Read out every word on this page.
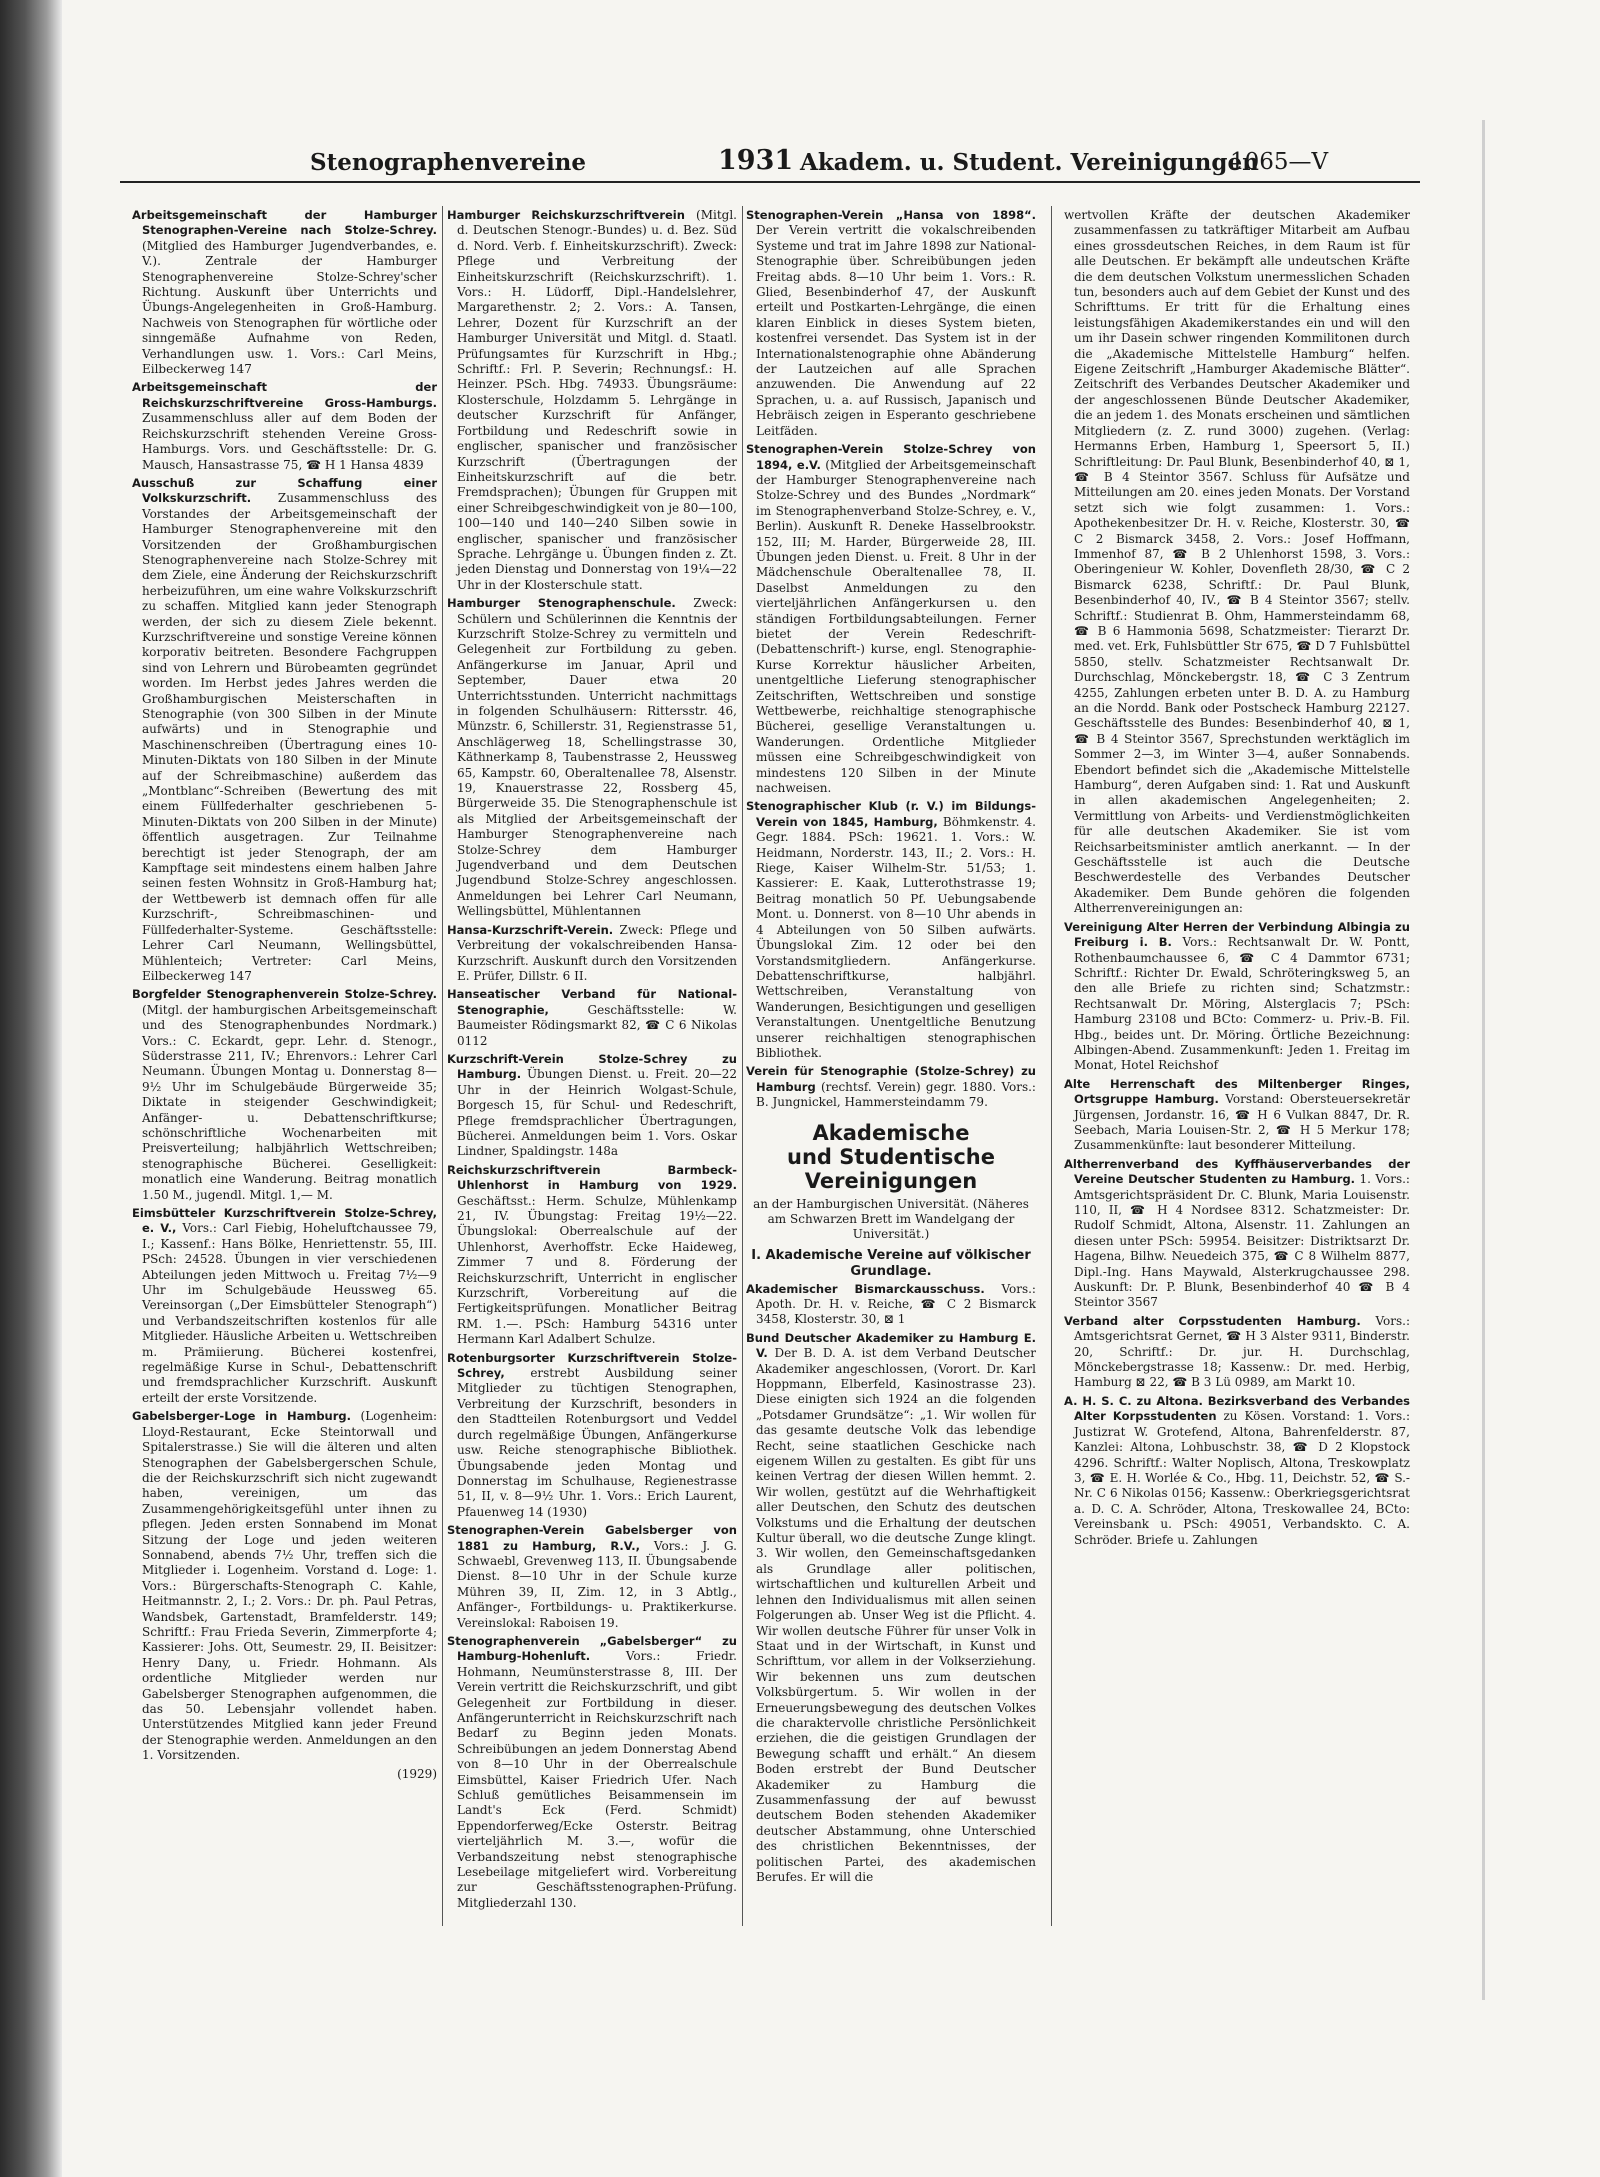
Stenographenvereine	1931 Akadem. u. Student. Vereinigungen
1065—V

Arbeitsgemeinschaft der Hamburger Stenographen-Vereine nach Stolze-Schrey. (Mitglied des Hamburger Jugendverbandes, e. V.). Zentrale der Hamburger Stenographenvereine Stolze-Schrey'scher Richtung. Auskunft über Unterrichts und Übungs-Angelegenheiten in Groß-Hamburg. Nachweis von Stenographen für wörtliche oder sinngemäße Aufnahme von Reden, Verhandlungen usw. 1. Vors.: Carl Meins, Eilbeckerweg 147

Arbeitsgemeinschaft der Reichskurzschriftvereine Gross-Hamburgs. Zusammenschluss aller auf dem Boden der Reichskurzschrift stehenden Vereine Gross-Hamburgs. Vors. und Geschäftsstelle: Dr. G. Mausch, Hansastrasse 75, ☎ H 1 Hansa 4839

Ausschuß zur Schaffung einer Volkskurzschrift. Zusammenschluss des Vorstandes der Arbeitsgemeinschaft der Hamburger Stenographenvereine mit den Vorsitzenden der Großhamburgischen Stenographenvereine nach Stolze-Schrey mit dem Ziele, eine Änderung der Reichskurzschrift herbeizuführen, um eine wahre Volkskurzschrift zu schaffen. Mitglied kann jeder Stenograph werden, der sich zu diesem Ziele bekennt. Kurzschriftvereine und sonstige Vereine können korporativ beitreten. Besondere Fachgruppen sind von Lehrern und Bürobeamten gegründet worden. Im Herbst jedes Jahres werden die Großhamburgischen Meisterschaften in Stenographie (von 300 Silben in der Minute aufwärts) und in Stenographie und Maschinenschreiben (Übertragung eines 10-Minuten-Diktats von 180 Silben in der Minute auf der Schreibmaschine) außerdem das „Montblanc“-Schreiben (Bewertung des mit einem Füllfederhalter geschriebenen 5-Minuten-Diktats von 200 Silben in der Minute) öffentlich ausgetragen. Zur Teilnahme berechtigt ist jeder Stenograph, der am Kampftage seit mindestens einem halben Jahre seinen festen Wohnsitz in Groß-Hamburg hat; der Wettbewerb ist demnach offen für alle Kurzschrift-, Schreibmaschinen- und Füllfederhalter-Systeme. Geschäftsstelle: Lehrer Carl Neumann, Wellingsbüttel, Mühlenteich; Vertreter: Carl Meins, Eilbeckerweg 147

Borgfelder Stenographenverein Stolze-Schrey. (Mitgl. der hamburgischen Arbeitsgemeinschaft und des Stenographenbundes Nordmark.) Vors.: C. Eckardt, gepr. Lehr. d. Stenogr., Süderstrasse 211, IV.; Ehrenvors.: Lehrer Carl Neumann. Übungen Montag u. Donnerstag 8—9½ Uhr im Schulgebäude Bürgerweide 35; Diktate in steigender Geschwindigkeit; Anfänger- u. Debattenschriftkurse; schönschriftliche Wochenarbeiten mit Preisverteilung; halbjährlich Wettschreiben; stenographische Bücherei. Geselligkeit: monatlich eine Wanderung. Beitrag monatlich 1.50 M., jugendl. Mitgl. 1,— M.

Eimsbütteler Kurzschriftverein Stolze-Schrey, e. V., Vors.: Carl Fiebig, Hoheluftchaussee 79, I.; Kassenf.: Hans Bölke, Henriettenstr. 55, III. PSch: 24528. Übungen in vier verschiedenen Abteilungen jeden Mittwoch u. Freitag 7½—9 Uhr im Schulgebäude Heussweg 65. Vereinsorgan („Der Eimsbütteler Stenograph“) und Verbandszeitschriften kostenlos für alle Mitglieder. Häusliche Arbeiten u. Wettschreiben m. Prämiierung. Bücherei kostenfrei, regelmäßige Kurse in Schul-, Debattenschrift und fremdsprachlicher Kurzschrift. Auskunft erteilt der erste Vorsitzende.

Gabelsberger-Loge in Hamburg. (Logenheim: Lloyd-Restaurant, Ecke Steintorwall und Spitalerstrasse.) Sie will die älteren und alten Stenographen der Gabelsbergerschen Schule, die der Reichskurzschrift sich nicht zugewandt haben, vereinigen, um das Zusammengehörigkeitsgefühl unter ihnen zu pflegen. Jeden ersten Sonnabend im Monat Sitzung der Loge und jeden weiteren Sonnabend, abends 7½ Uhr, treffen sich die Mitglieder i. Logenheim. Vorstand d. Loge: 1. Vors.: Bürgerschafts-Stenograph C. Kahle, Heitmannstr. 2, I.; 2. Vors.: Dr. ph. Paul Petras, Wandsbek, Gartenstadt, Bramfelderstr. 149; Schriftf.: Frau Frieda Severin, Zimmerpforte 4; Kassierer: Johs. Ott, Seumestr. 29, II. Beisitzer: Henry Dany, u. Friedr. Hohmann. Als ordentliche Mitglieder werden nur Gabelsberger Stenographen aufgenommen, die das 50. Lebensjahr vollendet haben. Unterstützendes Mitglied kann jeder Freund der Stenographie werden. Anmeldungen an den 1. Vorsitzenden.

(1929)

Hamburger Reichskurzschriftverein (Mitgl. d. Deutschen Stenogr.-Bundes) u. d. Bez. Süd d. Nord. Verb. f. Einheitskurzschrift). Zweck: Pflege und Verbreitung der Einheitskurzschrift (Reichskurzschrift). 1. Vors.: H. Lüdorff, Dipl.-Handelslehrer, Margarethenstr. 2; 2. Vors.: A. Tansen, Lehrer, Dozent für Kurzschrift an der Hamburger Universität und Mitgl. d. Staatl. Prüfungsamtes für Kurzschrift in Hbg.; Schriftf.: Frl. P. Severin; Rechnungsf.: H. Heinzer. PSch. Hbg. 74933. Übungsräume: Klosterschule, Holzdamm 5. Lehrgänge in deutscher Kurzschrift für Anfänger, Fortbildung und Redeschrift sowie in englischer, spanischer und französischer Kurzschrift (Übertragungen der Einheitskurzschrift auf die betr. Fremdsprachen); Übungen für Gruppen mit einer Schreibgeschwindigkeit von je 80—100, 100—140 und 140—240 Silben sowie in englischer, spanischer und französischer Sprache. Lehrgänge u. Übungen finden z. Zt. jeden Dienstag und Donnerstag von 19¼—22 Uhr in der Klosterschule statt.

Hamburger Stenographenschule. Zweck: Schülern und Schülerinnen die Kenntnis der Kurzschrift Stolze-Schrey zu vermitteln und Gelegenheit zur Fortbildung zu geben. Anfängerkurse im Januar, April und September, Dauer etwa 20 Unterrichtsstunden. Unterricht nachmittags in folgenden Schulhäusern: Rittersstr. 46, Münzstr. 6, Schillerstr. 31, Regienstrasse 51, Anschlägerweg 18, Schellingstrasse 30, Käthnerkamp 8, Taubenstrasse 2, Heussweg 65, Kampstr. 60, Oberaltenallee 78, Alsenstr. 19, Knauerstrasse 22, Rossberg 45, Bürgerweide 35. Die Stenographenschule ist als Mitglied der Arbeitsgemeinschaft der Hamburger Stenographenvereine nach Stolze-Schrey dem Hamburger Jugendverband und dem Deutschen Jugendbund Stolze-Schrey angeschlossen. Anmeldungen bei Lehrer Carl Neumann, Wellingsbüttel, Mühlentannen

Hansa-Kurzschrift-Verein. Zweck: Pflege und Verbreitung der vokalschreibenden Hansa-Kurzschrift. Auskunft durch den Vorsitzenden E. Prüfer, Dillstr. 6 II.

Hanseatischer Verband für National-Stenographie,	Geschäftsstelle: W. Baumeister Rödingsmarkt 82, ☎ C 6 Nikolas 0112

Kurzschrift-Verein Stolze-Schrey zu Hamburg. Übungen Dienst. u. Freit. 20—22 Uhr in der Heinrich Wolgast-Schule, Borgesch 15, für Schul- und Redeschrift, Pflege fremdsprachlicher Übertragungen, Bücherei. Anmeldungen beim 1. Vors. Oskar Lindner, Spaldingstr. 148a

Reichskurzschriftverein Barmbeck-Uhlenhorst in Hamburg von 1929. Geschäftsst.: Herm. Schulze, Mühlenkamp 21, IV. Übungstag: Freitag 19½—22. Übungslokal: Oberrealschule auf der Uhlenhorst, Averhoffstr. Ecke Haideweg, Zimmer 7 und 8. Förderung der Reichskurzschrift, Unterricht in englischer Kurzschrift, Vorbereitung auf die Fertigkeitsprüfungen. Monatlicher Beitrag RM. 1.—. PSch: Hamburg 54316 unter Hermann Karl Adalbert Schulze.

Rotenburgsorter Kurzschriftverein Stolze-Schrey, erstrebt Ausbildung seiner Mitglieder zu tüchtigen Stenographen, Verbreitung der Kurzschrift, besonders in den Stadtteilen Rotenburgsort und Veddel durch regelmäßige Übungen, Anfängerkurse usw. Reiche stenographische Bibliothek. Übungsabende jeden Montag und Donnerstag im Schulhause, Regienestrasse 51, II, v. 8—9½ Uhr. 1. Vors.: Erich Laurent, Pfauenweg 14 (1930)

Stenographen-Verein Gabelsberger von 1881 zu Hamburg, R.V., Vors.: J. G. Schwaebl, Grevenweg 113, II. Übungsabende Dienst. 8—10 Uhr in der Schule kurze Mühren 39, II, Zim. 12, in 3 Abtlg., Anfänger-, Fortbildungs- u. Praktikerkurse. Vereinslokal: Raboisen 19.

Stenographenverein „Gabelsberger“ zu Hamburg-Hohenluft.	Vors.: Friedr. Hohmann, Neumünsterstrasse 8, III. Der Verein vertritt die Reichskurzschrift, und gibt Gelegenheit zur Fortbildung in dieser. Anfängerunterricht in Reichskurzschrift nach Bedarf zu Beginn jeden Monats. Schreibübungen an jedem Donnerstag Abend von 8—10 Uhr in der Oberrealschule Eimsbüttel, Kaiser Friedrich Ufer. Nach Schluß gemütliches Beisammensein im Landt's Eck (Ferd. Schmidt) Eppendorferweg/Ecke Osterstr. Beitrag vierteljährlich M. 3.—, wofür die Verbandszeitung nebst stenographische Lesebeilage mitgeliefert wird. Vorbereitung zur Geschäftsstenographen-Prüfung. Mitgliederzahl 130.

Stenographen-Verein „Hansa von 1898“. Der Verein vertritt die vokalschreibenden Systeme und trat im Jahre 1898 zur National-Stenographie über. Schreibübungen jeden Freitag abds. 8—10 Uhr beim 1. Vors.: R. Glied, Besenbinderhof 47, der Auskunft erteilt und Postkarten-Lehrgänge, die einen klaren Einblick in dieses System bieten, kostenfrei versendet. Das System ist in der Internationalstenographie ohne Abänderung der Lautzeichen auf alle Sprachen anzuwenden. Die Anwendung auf 22 Sprachen, u. a. auf Russisch, Japanisch und Hebräisch zeigen in Esperanto geschriebene Leitfäden.

Stenographen-Verein Stolze-Schrey von 1894, e.V. (Mitglied der Arbeitsgemeinschaft der Hamburger Stenographenvereine nach Stolze-Schrey und des Bundes „Nordmark“ im Stenographenverband Stolze-Schrey, e. V., Berlin). Auskunft R. Deneke Hasselbrookstr. 152, III; M. Harder, Bürgerweide 28, III. Übungen jeden Dienst. u. Freit. 8 Uhr in der Mädchenschule Oberaltenallee 78, II. Daselbst Anmeldungen zu den vierteljährlichen Anfängerkursen u. den ständigen Fortbildungsabteilungen. Ferner bietet der Verein Redeschrift- (Debattenschrift-) kurse, engl. Stenographie-Kurse Korrektur häuslicher Arbeiten, unentgeltliche Lieferung stenographischer Zeitschriften, Wettschreiben und sonstige Wettbewerbe, reichhaltige stenographische Bücherei, gesellige Veranstaltungen u. Wanderungen. Ordentliche Mitglieder müssen eine Schreibgeschwindigkeit von mindestens 120 Silben in der Minute nachweisen.

Stenographischer Klub (r. V.) im Bildungs-Verein von 1845, Hamburg, Böhmkenstr. 4. Gegr. 1884. PSch: 19621. 1. Vors.: W. Heidmann, Norderstr. 143, II.; 2. Vors.: H. Riege, Kaiser Wilhelm-Str. 51/53; 1. Kassierer: E. Kaak, Lutterothstrasse 19; Beitrag monatlich 50 Pf. Uebungsabende Mont. u. Donnerst. von 8—10 Uhr abends in 4 Abteilungen von 50 Silben aufwärts. Übungslokal Zim. 12 oder bei den Vorstandsmitgliedern. Anfängerkurse. Debattenschriftkurse, halbjährl. Wettschreiben, Veranstaltung von Wanderungen, Besichtigungen und geselligen Veranstaltungen. Unentgeltliche Benutzung unserer reichhaltigen stenographischen Bibliothek.

Verein für Stenographie (Stolze-Schrey) zu Hamburg (rechtsf. Verein) gegr. 1880. Vors.: B. Jungnickel, Hammersteindamm 79.

Akademische
und Studentische
Vereinigungen

an der Hamburgischen Universität. (Näheres am Schwarzen Brett im Wandelgang der Universität.)

I. Akademische Vereine auf völkischer Grundlage.

Akademischer Bismarckausschuss. Vors.: Apoth. Dr. H. v. Reiche, ☎ C 2 Bismarck 3458, Klosterstr. 30, ⊠ 1

Bund Deutscher Akademiker zu Hamburg E. V. Der B. D. A. ist dem Verband Deutscher Akademiker angeschlossen, (Vorort. Dr. Karl Hoppmann, Elberfeld, Kasinostrasse 23). Diese einigten sich 1924 an die folgenden „Potsdamer Grundsätze“: „1. Wir wollen für das gesamte deutsche Volk das lebendige Recht, seine staatlichen Geschicke nach eigenem Willen zu gestalten. Es gibt für uns keinen Vertrag der diesen Willen hemmt. 2. Wir wollen, gestützt auf die Wehrhaftigkeit aller Deutschen, den Schutz des deutschen Volkstums und die Erhaltung der deutschen Kultur überall, wo die deutsche Zunge klingt. 3. Wir wollen, den Gemeinschaftsgedanken als Grundlage aller politischen, wirtschaftlichen und kulturellen Arbeit und lehnen den Individualismus mit allen seinen Folgerungen ab. Unser Weg ist die Pflicht. 4. Wir wollen deutsche Führer für unser Volk in Staat und in der Wirtschaft, in Kunst und Schrifttum, vor allem in der Volkserziehung. Wir bekennen uns zum deutschen Volksbürgertum. 5. Wir wollen in der Erneuerungsbewegung des deutschen Volkes die charaktervolle christliche Persönlichkeit erziehen, die die geistigen Grundlagen der Bewegung schafft und erhält.“ An diesem Boden erstrebt der Bund Deutscher Akademiker zu Hamburg die Zusammenfassung der auf bewusst deutschem Boden stehenden Akademiker deutscher Abstammung, ohne Unterschied des christlichen Bekenntnisses, der politischen Partei, des akademischen Berufes. Er will die

wertvollen Kräfte der deutschen Akademiker zusammenfassen zu tatkräftiger Mitarbeit am Aufbau eines grossdeutschen Reiches, in dem Raum ist für alle Deutschen. Er bekämpft alle undeutschen Kräfte die dem deutschen Volkstum unermesslichen Schaden tun, besonders auch auf dem Gebiet der Kunst und des Schrifttums. Er tritt für die Erhaltung eines leistungsfähigen Akademikerstandes ein und will den um ihr Dasein schwer ringenden Kommilitonen durch die „Akademische Mittelstelle Hamburg“ helfen. Eigene Zeitschrift „Hamburger Akademische Blätter“. Zeitschrift des Verbandes Deutscher Akademiker und der angeschlossenen Bünde Deutscher Akademiker, die an jedem 1. des Monats erscheinen und sämtlichen Mitgliedern (z. Z. rund 3000) zugehen. (Verlag: Hermanns Erben, Hamburg 1, Speersort 5, II.) Schriftleitung: Dr. Paul Blunk, Besenbinderhof 40, ⊠ 1, ☎ B 4 Steintor 3567. Schluss für Aufsätze und Mitteilungen am 20. eines jeden Monats. Der Vorstand setzt sich wie folgt zusammen: 1. Vors.: Apothekenbesitzer Dr. H. v. Reiche, Klosterstr. 30, ☎ C 2 Bismarck 3458, 2. Vors.: Josef Hoffmann, Immenhof 87, ☎ B 2 Uhlenhorst 1598, 3. Vors.: Oberingenieur W. Kohler, Dovenfleth 28/30, ☎ C 2 Bismarck 6238, Schriftf.: Dr. Paul Blunk, Besenbinderhof 40, IV., ☎ B 4 Steintor 3567; stellv. Schriftf.: Studienrat B. Ohm, Hammersteindamm 68, ☎ B 6 Hammonia 5698, Schatzmeister: Tierarzt Dr. med. vet. Erk, Fuhlsbüttler Str 675, ☎ D 7 Fuhlsbüttel 5850, stellv. Schatzmeister Rechtsanwalt Dr. Durchschlag, Mönckebergstr. 18, ☎ C 3 Zentrum 4255, Zahlungen erbeten unter B. D. A. zu Hamburg an die Nordd. Bank oder Postscheck Hamburg 22127. Geschäftsstelle des Bundes: Besenbinderhof 40, ⊠ 1, ☎ B 4 Steintor 3567, Sprechstunden werktäglich im Sommer 2—3, im Winter 3—4, außer Sonnabends. Ebendort befindet sich die „Akademische Mittelstelle Hamburg“, deren Aufgaben sind: 1. Rat und Auskunft in allen akademischen Angelegenheiten; 2. Vermittlung von Arbeits- und Verdienstmöglichkeiten für alle deutschen Akademiker. Sie ist vom Reichsarbeitsminister amtlich anerkannt. — In der Geschäftsstelle ist auch die Deutsche Beschwerdestelle des Verbandes Deutscher Akademiker. Dem Bunde gehören die folgenden Altherrenvereinigungen an:

Vereinigung Alter Herren der Verbindung Albingia zu Freiburg i. B. Vors.: Rechtsanwalt Dr. W. Pontt, Rothenbaumchaussee 6, ☎ C 4 Dammtor 6731; Schriftf.: Richter Dr. Ewald, Schröteringksweg 5, an den alle Briefe zu richten sind; Schatzmstr.: Rechtsanwalt Dr. Möring, Alsterglacis 7; PSch: Hamburg 23108 und BCto: Commerz- u. Priv.-B. Fil. Hbg., beides unt. Dr. Möring. Örtliche Bezeichnung: Albingen-Abend. Zusammenkunft: Jeden 1. Freitag im Monat, Hotel Reichshof

Alte Herrenschaft des Miltenberger Ringes, Ortsgruppe Hamburg. Vorstand: Obersteuersekretär Jürgensen, Jordanstr. 16, ☎ H 6 Vulkan 8847, Dr. R. Seebach, Maria Louisen-Str. 2, ☎ H 5 Merkur 178; Zusammenkünfte: laut besonderer Mitteilung.

Altherrenverband des Kyffhäuserverbandes der Vereine Deutscher Studenten zu Hamburg. 1. Vors.: Amtsgerichtspräsident Dr. C. Blunk, Maria Louisenstr. 110, II, ☎ H 4 Nordsee 8312. Schatzmeister: Dr. Rudolf Schmidt, Altona, Alsenstr. 11. Zahlungen an diesen unter PSch: 59954. Beisitzer: Distriktsarzt Dr. Hagena, Bilhw. Neuedeich 375, ☎ C 8 Wilhelm 8877, Dipl.-Ing. Hans Maywald, Alsterkrugchaussee 298. Auskunft: Dr. P. Blunk, Besenbinderhof 40 ☎ B 4 Steintor 3567

Verband alter Corpsstudenten Hamburg. Vors.: Amtsgerichtsrat Gernet, ☎ H 3 Alster 9311, Binderstr. 20, Schriftf.: Dr. jur. H. Durchschlag, Mönckebergstrasse 18; Kassenw.: Dr. med. Herbig, Hamburg ⊠ 22, ☎ B 3 Lü 0989, am Markt 10.

A. H. S. C. zu Altona. Bezirksverband des Verbandes Alter Korpsstudenten zu Kösen. Vorstand: 1. Vors.: Justizrat W. Grotefend, Altona, Bahrenfelderstr. 87, Kanzlei: Altona, Lohbuschstr. 38, ☎ D 2 Klopstock 4296. Schriftf.: Walter Noplisch, Altona, Treskowplatz 3, ☎ E. H. Worlée & Co., Hbg. 11, Deichstr. 52, ☎ S.-Nr. C 6 Nikolas 0156; Kassenw.: Oberkriegsgerichtsrat a. D. C. A. Schröder, Altona, Treskowallee 24, BCto: Vereinsbank u. PSch: 49051, Verbandskto. C. A. Schröder. Briefe u. Zahlungen
